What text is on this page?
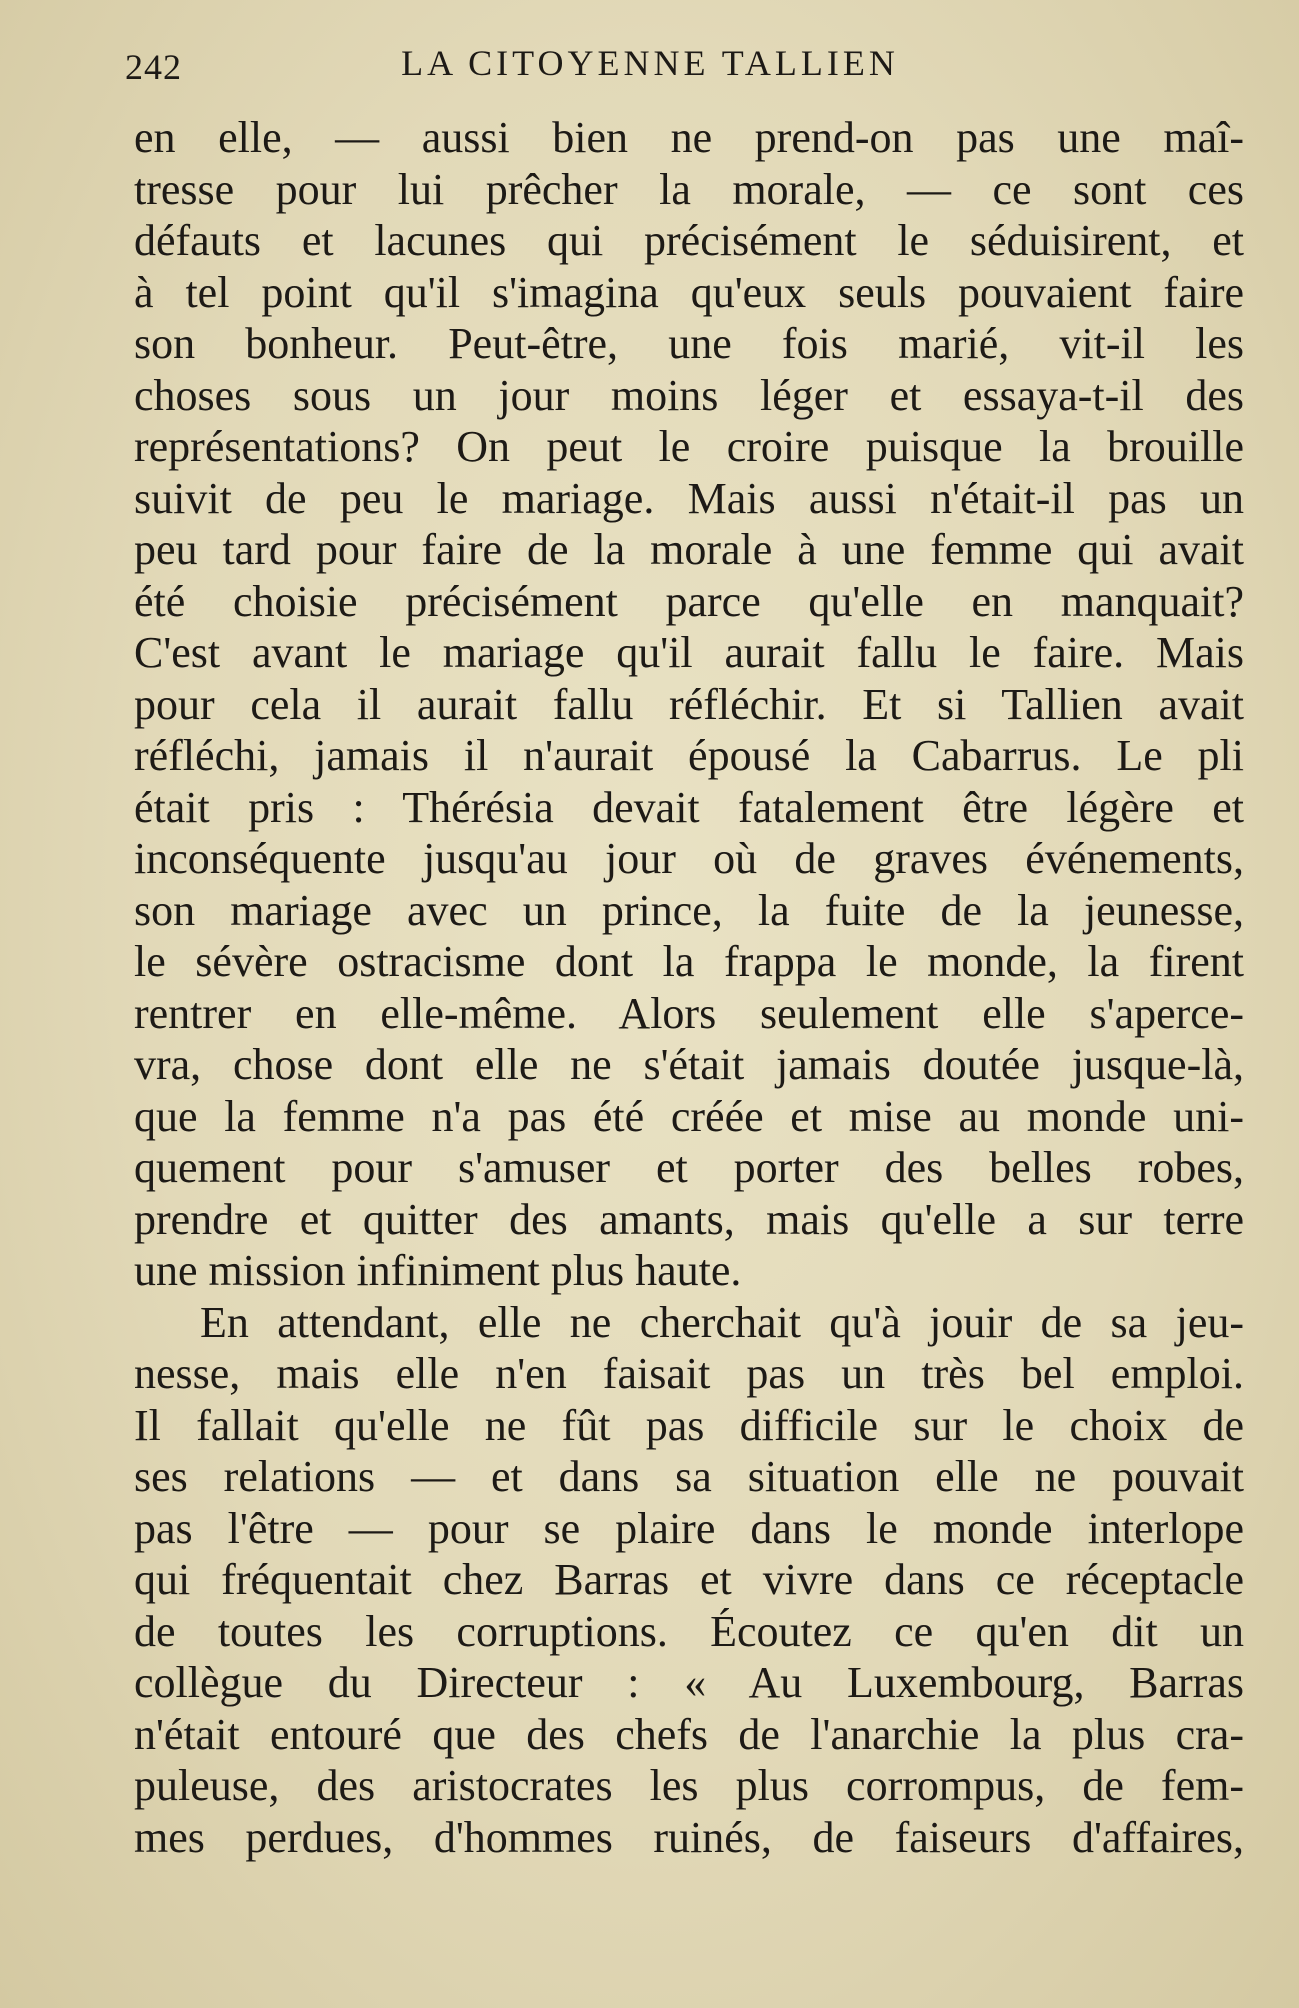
242	LA CITOYENNE TALLIEN
en elle, — aussi bien ne prend-on pas une maî-
tresse pour lui prêcher la morale, — ce sont ces
défauts et lacunes qui précisément le séduisirent, et
à tel point qu'il s'imagina qu'eux seuls pouvaient faire
son bonheur. Peut-être, une fois marié, vit-il les
choses sous un jour moins léger et essaya-t-il des
représentations? On peut le croire puisque la brouille
suivit de peu le mariage. Mais aussi n'était-il pas un
peu tard pour faire de la morale à une femme qui avait
été choisie précisément parce qu'elle en manquait?
C'est avant le mariage qu'il aurait fallu le faire. Mais
pour cela il aurait fallu réfléchir. Et si Tallien avait
réfléchi, jamais il n'aurait épousé la Cabarrus. Le pli
était pris : Thérésia devait fatalement être légère et
inconséquente jusqu'au jour où de graves événements,
son mariage avec un prince, la fuite de la jeunesse,
le sévère ostracisme dont la frappa le monde, la firent
rentrer en elle-même. Alors seulement elle s'aperce-
vra, chose dont elle ne s'était jamais doutée jusque-là,
que la femme n'a pas été créée et mise au monde uni-
quement pour s'amuser et porter des belles robes,
prendre et quitter des amants, mais qu'elle a sur terre
une mission infiniment plus haute.
En attendant, elle ne cherchait qu'à jouir de sa jeu-
nesse, mais elle n'en faisait pas un très bel emploi.
Il fallait qu'elle ne fût pas difficile sur le choix de
ses relations — et dans sa situation elle ne pouvait
pas l'être — pour se plaire dans le monde interlope
qui fréquentait chez Barras et vivre dans ce réceptacle
de toutes les corruptions. Écoutez ce qu'en dit un
collègue du Directeur : « Au Luxembourg, Barras
n'était entouré que des chefs de l'anarchie la plus cra-
puleuse, des aristocrates les plus corrompus, de fem-
mes perdues, d'hommes ruinés, de faiseurs d'affaires,
